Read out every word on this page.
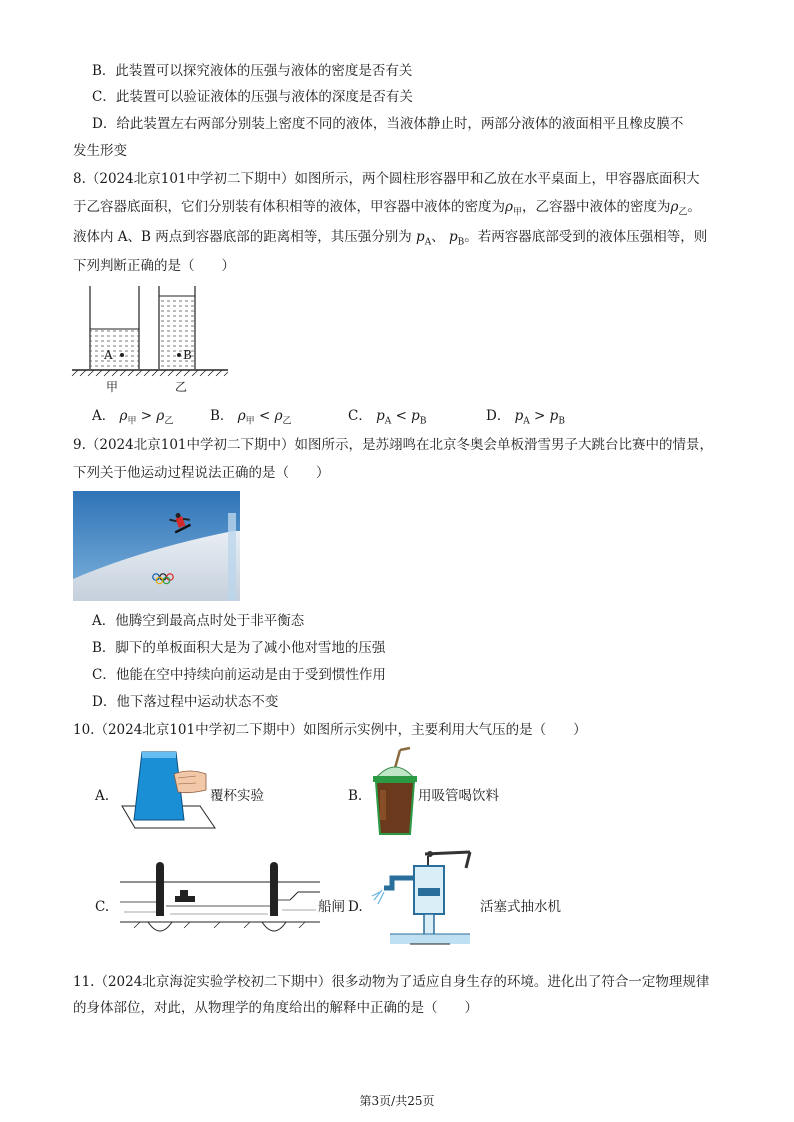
B．此装置可以探究液体的压强与液体的密度是否有关
C．此装置可以验证液体的压强与液体的深度是否有关
D．给此装置左右两部分别装上密度不同的液体，当液体静止时，两部分液体的液面相平且橡皮膜不
发生形变
8.（2024北京101中学初二下期中）如图所示，两个圆柱形容器甲和乙放在水平桌面上，甲容器底面积大
于乙容器底面积，它们分别装有体积相等的液体，甲容器中液体的密度为$\rho_甲$，乙容器中液体的密度为$\rho_乙$。
液体内 A、B 两点到容器底部的距离相等，其压强分别为 $p_A$、 $p_B$。若两容器底部受到的液体压强相等，则
下列判断正确的是（　　）
A	B
甲	乙
A． $\rho_甲 > \rho_乙$	B． $\rho_甲 < \rho_乙$	C． $p_A < p_B$	D． $p_A > p_B$
9.（2024北京101中学初二下期中）如图所示，是苏翊鸣在北京冬奥会单板滑雪男子大跳台比赛中的情景，
下列关于他运动过程说法正确的是（　　）
A．他腾空到最高点时处于非平衡态
B．脚下的单板面积大是为了减小他对雪地的压强
C．他能在空中持续向前运动是由于受到惯性作用
D．他下落过程中运动状态不变
10.（2024北京101中学初二下期中）如图所示实例中，主要利用大气压的是（　　）
A.	覆杯实验	B.	用吸管喝饮料
C.	船闸 D.	活塞式抽水机
11.（2024北京海淀实验学校初二下期中）很多动物为了适应自身生存的环境。进化出了符合一定物理规律
的身体部位，对此，从物理学的角度给出的解释中正确的是（　　）
第3页/共25页
